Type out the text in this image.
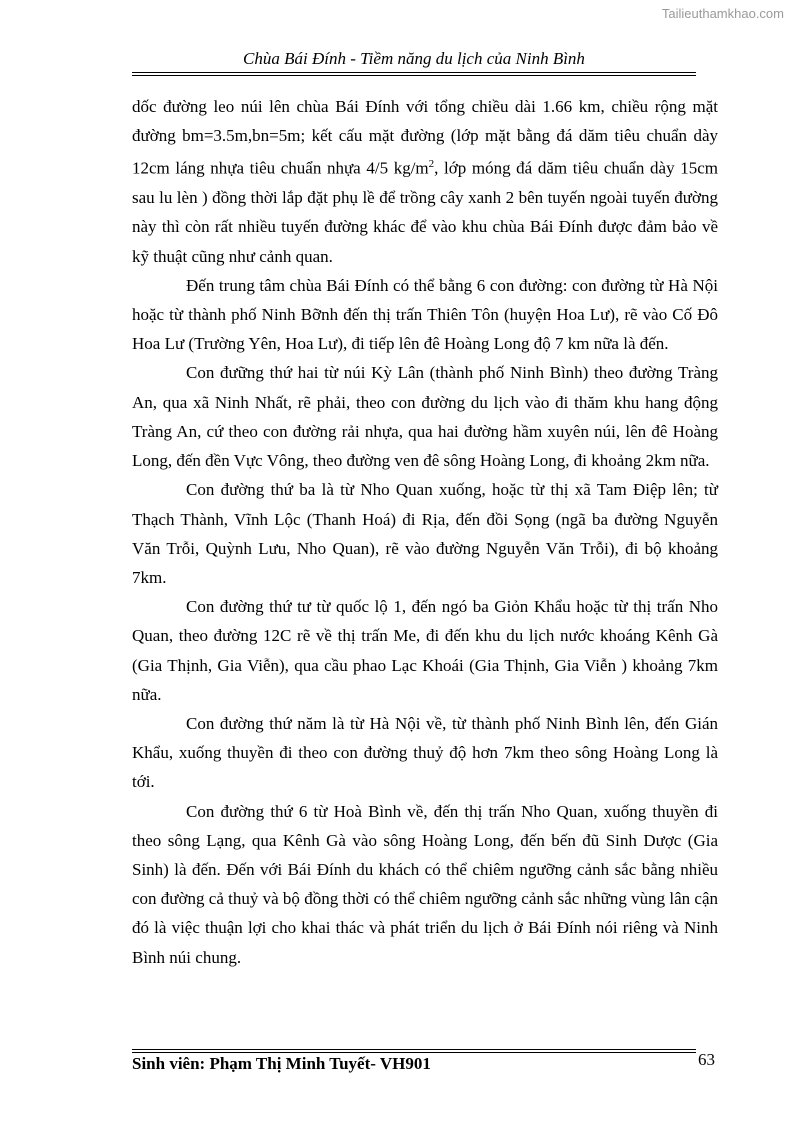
Tailieuthamkhao.com
Chùa Bái Đính - Tiềm năng du lịch của Ninh Bình

dốc đường leo núi lên chùa Bái Đính với tổng chiều dài 1.66 km, chiều rộng mặt đường bm=3.5m,bn=5m; kết cấu mặt đường (lớp mặt bằng đá dăm tiêu chuẩn dày 12cm láng nhựa tiêu chuẩn nhựa 4/5 $kg/m^2$, lớp móng đá dăm tiêu chuẩn dày 15cm sau lu lèn ) đồng thời lắp đặt phụ lề để trồng cây xanh 2 bên tuyến ngoài tuyến đường này thì còn rất nhiều tuyến đường khác để vào khu chùa Bái Đính được đảm bảo về kỹ thuật cũng như cảnh quan.

Đến trung tâm chùa Bái Đính có thể bằng 6 con đường: con đường từ Hà Nội hoặc từ thành phố Ninh Bỡnh đến thị trấn Thiên Tôn (huyện Hoa Lư), rẽ vào Cố Đô Hoa Lư (Trường Yên, Hoa Lư), đi tiếp lên đê Hoàng Long độ 7 km nữa là đến.

Con đưững thứ hai từ núi Kỳ Lân (thành phố Ninh Bình) theo đường Tràng An, qua xã Ninh Nhất, rẽ phải, theo con đường du lịch vào đi thăm khu hang động Tràng An, cứ theo con đường rải nhựa, qua hai đường hầm xuyên núi, lên đê Hoàng Long, đến đền Vực Vông, theo đường ven đê sông Hoàng Long, đi khoảng 2km nữa.

Con đường thứ ba là từ Nho Quan xuống, hoặc từ thị xã Tam Điệp lên; từ Thạch Thành, Vĩnh Lộc (Thanh Hoá) đi Rịa, đến đồi Sọng (ngã ba đường Nguyễn Văn Trỗi, Quỳnh Lưu, Nho Quan), rẽ vào đường Nguyễn Văn Trỗi), đi bộ khoảng 7km.

Con đường thứ tư từ quốc lộ 1, đến ngó ba Giỏn Khẩu hoặc từ thị trấn Nho Quan, theo đường 12C rẽ về thị trấn Me, đi đến khu du lịch nước khoáng Kênh Gà (Gia Thịnh, Gia Viễn), qua cầu phao Lạc Khoái (Gia Thịnh, Gia Viễn ) khoảng 7km nữa.

Con đường thứ năm là từ Hà Nội về, từ thành phố Ninh Bình lên, đến Gián Khẩu, xuống thuyền đi theo con đường thuỷ độ hơn 7km theo sông Hoàng Long là tới.

Con đường thứ 6 từ Hoà Bình về, đến thị trấn Nho Quan, xuống thuyền đi theo sông Lạng, qua Kênh Gà vào sông Hoàng Long, đến bến đũ Sinh Dược (Gia Sinh) là đến. Đến với Bái Đính du khách có thể chiêm ngưỡng cảnh sắc bằng nhiều con đường cả thuỷ và bộ đồng thời có thể chiêm ngưỡng cảnh sắc những vùng lân cận đó là việc thuận lợi cho khai thác và phát triển du lịch ở Bái Đính nói riêng và Ninh Bình núi chung.

Sinh viên: Phạm Thị Minh Tuyết- VH901	63
